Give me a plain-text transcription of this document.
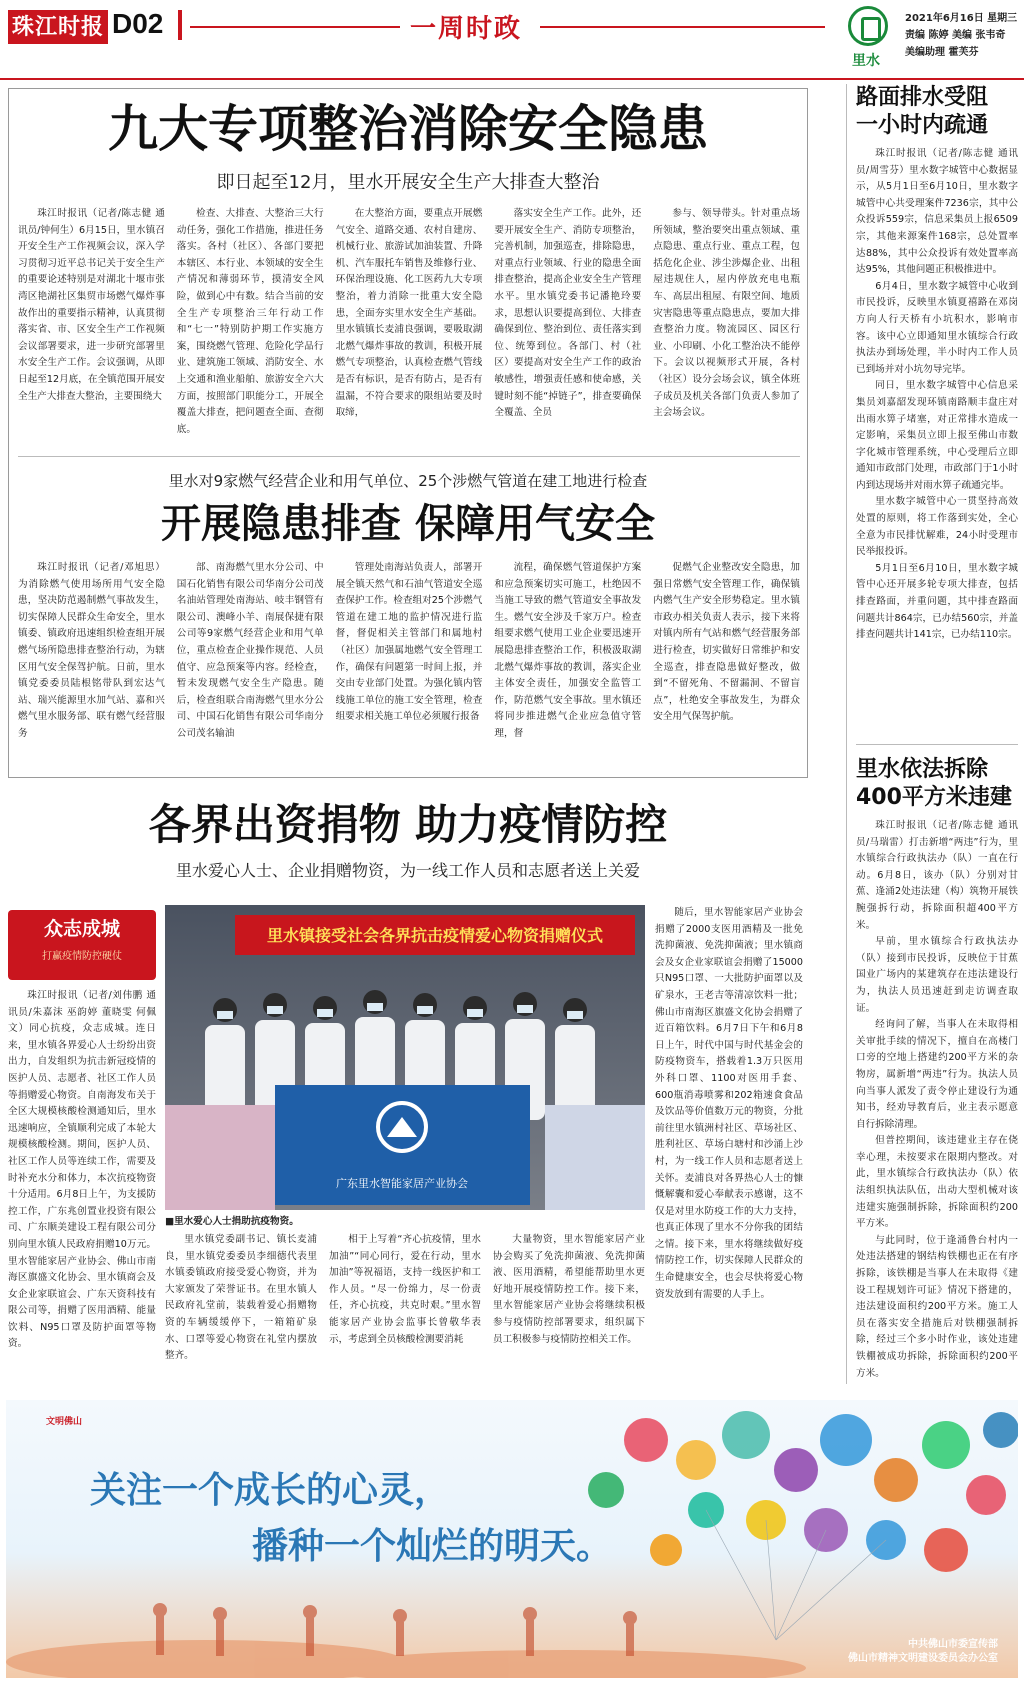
珠江时报 D02	一周时政
里水
2021年6月16日 星期三
责编 陈婷 美编 张韦奇
美编助理 霍芙芬
九大专项整治消除安全隐患
即日起至12月，里水开展安全生产大排查大整治
珠江时报讯（记者/陈志健 通讯员/钟何生）6月15日，里水镇召开安全生产工作视频会议，深入学习贯彻习近平总书记关于安全生产的重要论述特别是对湖北十堰市张湾区艳湖社区集贸市场燃气爆炸事故作出的重要指示精神，认真贯彻落实省、市、区安全生产工作视频会议部署要求，进一步研究部署里水安全生产工作。会议强调，从即日起至12月底，在全镇范围开展安全生产大排查大整治，主要围绕大
检查、大排查、大整治三大行动任务，强化工作措施，推进任务落实。各村（社区）、各部门要把本辖区、本行业、本领域的安全生产情况和薄弱环节，摸清安全风险，做到心中有数。结合当前的安全生产专项整治三年行动工作和“七一”特别防护期工作实施方案，围绕燃气管理、危险化学品行业、建筑施工领域、消防安全、水上交通和渔业船舶、旅游安全六大方面，按照部门职能分工，开展全覆盖大排查，把问题查全面、查彻底。
在大整治方面，要重点开展燃气安全、道路交通、农村自建房、机械行业、旅游试加油装置、升降机、汽车服托车销售及维修行业、环保治理设施、化工医药九大专项整治，着力消除一批重大安全隐患，全面夯实里水安全生产基础。里水镇镇长麦浦良强调，要吸取湖北燃气爆炸事故的教训，积极开展燃气专项整治，认真检查燃气管线是否有标识，是否有防占，是否有温漏，不符合要求的限组站要及时取缔，
落实安全生产工作。此外，还要开展安全生产、消防专项整治，完善机制，加强巡查，排除隐患，对重点行业领域、行业的隐患全面排查整治，提高企业安全生产管理水平。里水镇党委书记潘艳玲要求，思想认识要提高到位、大排查确保到位、整治到位、责任落实到位、统筹到位。各部门、村（社区）要提高对安全生产工作的政治敏感性，增强责任感和使命感，关键时刻不能“掉链子”，排查要确保全覆盖、全员
参与、领导带头。针对重点场所领域，整治要突出重点领域、重点隐患、重点行业、重点工程，包括危化企业、涉尘涉爆企业、出租屋违规住人，屋内停放充电电瓶车、高层出租屋、有限空间、地质灾害隐患等重点隐患点，要加大排查整治力度。物流园区、园区行业、小印刷、小化工整治决不能停下。会议以视频形式开展，各村（社区）设分会场会议，镇全体班子成员及机关各部门负责人参加了主会场会议。
里水对9家燃气经营企业和用气单位、25个涉燃气管道在建工地进行检查
开展隐患排查 保障用气安全
珠江时报讯（记者/邓旭思）为消除燃气使用场所用气安全隐患，坚决防范遏制燃气事故发生，切实保障人民群众生命安全，里水镇委、镇政府迅速组织检查组开展燃气场所隐患排查整治行动，为辖区用气安全保驾护航。日前，里水镇党委委员陆根铭带队到宏达气站、瑞兴能源里水加气站、嘉和兴燃气里水服务部、联有燃气经营服务
部、南海燃气里水分公司、中国石化销售有限公司华南分公司茂名油站管理处南海站、岐丰钢管有限公司、澳峰小羊、南展保捷有限公司等9家燃气经营企业和用气单位，重点检查企业操作规范、人员值守、应急预案等内容。经检查，暂未发现燃气安全生产隐患。随后，检查组联合南海燃气里水分公司、中国石化销售有限公司华南分公司茂名输油
管理处南海站负责人，部署开展全镇天然气和石油气管道安全巡查保护工作。检查组对25个涉燃气管道在建工地的监护情况进行监督，督促相关主管部门和属地村（社区）加强属地燃气安全管理工作，确保有问题第一时间上报，并交由专业部门处置。为强化镇内管线施工单位的施工安全管理，检查组要求相关施工单位必须履行报备
流程，确保燃气管道保护方案和应急预案切实可施工，杜绝因不当施工导致的燃气管道安全事故发生。燃气安全涉及千家万户。检查组要求燃气使用工业企业要迅速开展隐患排查整治工作，积极汲取湖北燃气爆炸事故的教训，落实企业主体安全责任，加强安全监管工作，防范燃气安全事故。里水镇还将同步推进燃气企业应急值守管理，督
促燃气企业整改安全隐患，加强日常燃气安全管理工作，确保镇内燃气生产安全形势稳定。里水镇市政办相关负责人表示，接下来将对镇内所有气站和燃气经营服务部进行检查，切实做好日常维护和安全巡查，排查隐患做好整改，做到“不留死角、不留漏洞、不留盲点”，杜绝安全事故发生，为群众安全用气保驾护航。
各界出资捐物 助力疫情防控
里水爱心人士、企业捐赠物资，为一线工作人员和志愿者送上关爱
众志成城
打赢疫情防控硬仗

珠江时报讯（记者/刘伟鹏 通讯员/朱嘉沫 巫韵婷 董晓雯 何佩文）同心抗疫，众志成城。连日来，里水镇各界爱心人士纷纷出资出力，自发组织为抗击新冠疫情的医护人员、志愿者、社区工作人员等捐赠爱心物资。自南海发布关于全区大规模核酸检测通知后，里水迅速响应，全镇顺利完成了本轮大规模核酸检测。期间，医护人员、社区工作人员等连续工作，需要及时补充水分和体力，本次抗疫物资十分适用。6月8日上午，为支援防控工作，广东兆创置业投资有限公司、广东顺美建设工程有限公司分别向里水镇人民政府捐赠10万元。里水智能家居产业协会、佛山市南海区旗盛文化协会、里水镇商会及女企业家联谊会、广东天资科技有限公司等，捐赠了医用酒精、能量饮料、N95口罩及防护面罩等物资。

里水镇接受社会各界抗击疫情爱心物资捐赠仪式
广东里水智能家居产业协会
■里水爱心人士捐助抗疫物资。

随后，里水智能家居产业协会捐赠了2000支医用酒精及一批免洗抑菌液、免洗抑菌液；里水镇商会及女企业家联谊会捐赠了15000只N95口罩、一大批防护面罩以及矿泉水，王老吉等清凉饮料一批；佛山市南海区旗盛文化协会捐赠了近百箱饮料。6月7日下午和6月8日上午，时代中国与时代基金会的防疫物资车，搭载着1.3万只医用外科口罩、1100对医用手套、600瓶消毒喷雾和202箱速食食品及饮品等价值数万元的物资，分批前往里水镇洲村社区、草场社区、胜利社区、草场白塘村和沙涌上沙村，为一线工作人员和志愿者送上关怀。麦浦良对各界热心人士的慷慨解囊和爱心奉献表示感谢，这不仅是对里水防疫工作的大力支持，也真正体现了里水不分你我的团结之情。接下来，里水将继续做好疫情防控工作，切实保障人民群众的生命健康安全，也会尽快将爱心物资发放到有需要的人手上。

里水镇党委副书记、镇长麦浦良，里水镇党委委员李细德代表里水镇委镇政府接受爱心物资，并为大家颁发了荣誉证书。在里水镇人民政府礼堂前，装载着爱心捐赠物资的车辆缓缓停下，一箱箱矿泉水、口罩等爱心物资在礼堂内摆放整齐。
相于上写着“齐心抗疫情，里水加油”“同心同行，爱在行动，里水加油”等祝福语，支持一线医护和工作人员。“尽一份绵力，尽一份责任，齐心抗疫，共克时艰。”里水智能家居产业协会监事长曾敬华表示，考虑到全员核酸检测要消耗
大量物资，里水智能家居产业协会购买了免洗抑菌液、免洗抑菌液、医用酒精，希望能帮助里水更好地开展疫情防控工作。接下来，里水智能家居产业协会将继续积极参与疫情防控部署要求，组织属下员工积极参与疫情防控相关工作。
路面排水受阻
一小时内疏通

珠江时报讯（记者/陈志健 通讯员/周雪芬）里水数字城管中心数据显示，从5月1日至6月10日，里水数字城管中心共受理案件7236宗，其中公众投诉559宗，信息采集员上报6509宗，其他来源案件168宗，总处置率达88%，其中公众投诉有效处置率高达95%，其他问题正积极推进中。

6月4日，里水数字城管中心收到市民投诉，反映里水镇夏禧路在邓岗方向人行天桥有小坑积水，影响市容。该中心立即通知里水镇综合行政执法办到场处理，半小时内工作人员已到场并对小坑勿导完毕。

同日，里水数字城管中心信息采集员刘嘉韶发现环镇南路顺丰盘庄对出雨水箅子堵塞，对正常排水造成一定影响，采集员立即上报至佛山市数字化城市管理系统，中心受理后立即通知市政部门处理，市政部门于1小时内到达现场并对雨水箅子疏通完毕。

里水数字城管中心一贯坚持高效处置的原则，将工作落到实处，全心全意为市民排忧解难，24小时受理市民举报投诉。

5月1日至6月10日，里水数字城管中心还开展多轮专项大排查，包括排查路面，并重问题，其中排查路面问题共计864宗，已办结560宗，并盖排查问题共计141宗，已办结110宗。

里水依法拆除
400平方米违建

珠江时报讯（记者/陈志健 通讯员/马瑞雷）打击新增“两违”行为，里水镇综合行政执法办（队）一直在行动。6月8日，该办（队）分别对甘蕉、逢涌2处违法建（构）筑物开展铁腕强拆行动，拆除面积超400平方米。

早前，里水镇综合行政执法办（队）接到市民投诉，反映位于甘蕉国业广场内的某建筑存在违法建设行为，执法人员迅速赶到走访调查取证。

经询问了解，当事人在未取得相关审批手续的情况下，擅自在高楼门口旁的空地上搭建约200平方米的杂物房，属新增“两违”行为。执法人员向当事人派发了责令停止建设行为通知书，经劝导教育后，业主表示愿意自行拆除清理。

但普控期间，该违建业主存在侥幸心理，未按要求在限期内整改。对此，里水镇综合行政执法办（队）依法组织执法队伍，出动大型机械对该违建实施强制拆除，拆除面积约200平方米。

与此同时，位于逢涌鲁台村内一处违法搭建的钢结构铁棚也正在有序拆除，该铁棚是当事人在未取得《建设工程规划许可证》情况下搭建的，违法建设面积约200平方米。施工人员在落实安全措施后对铁棚强制拆除，经过三个多小时作业，该处违建铁棚被成功拆除，拆除面积约200平方米。

文明佛山
关注一个成长的心灵，
播种一个灿烂的明天。
中共佛山市委宣传部
佛山市精神文明建设委员会办公室
